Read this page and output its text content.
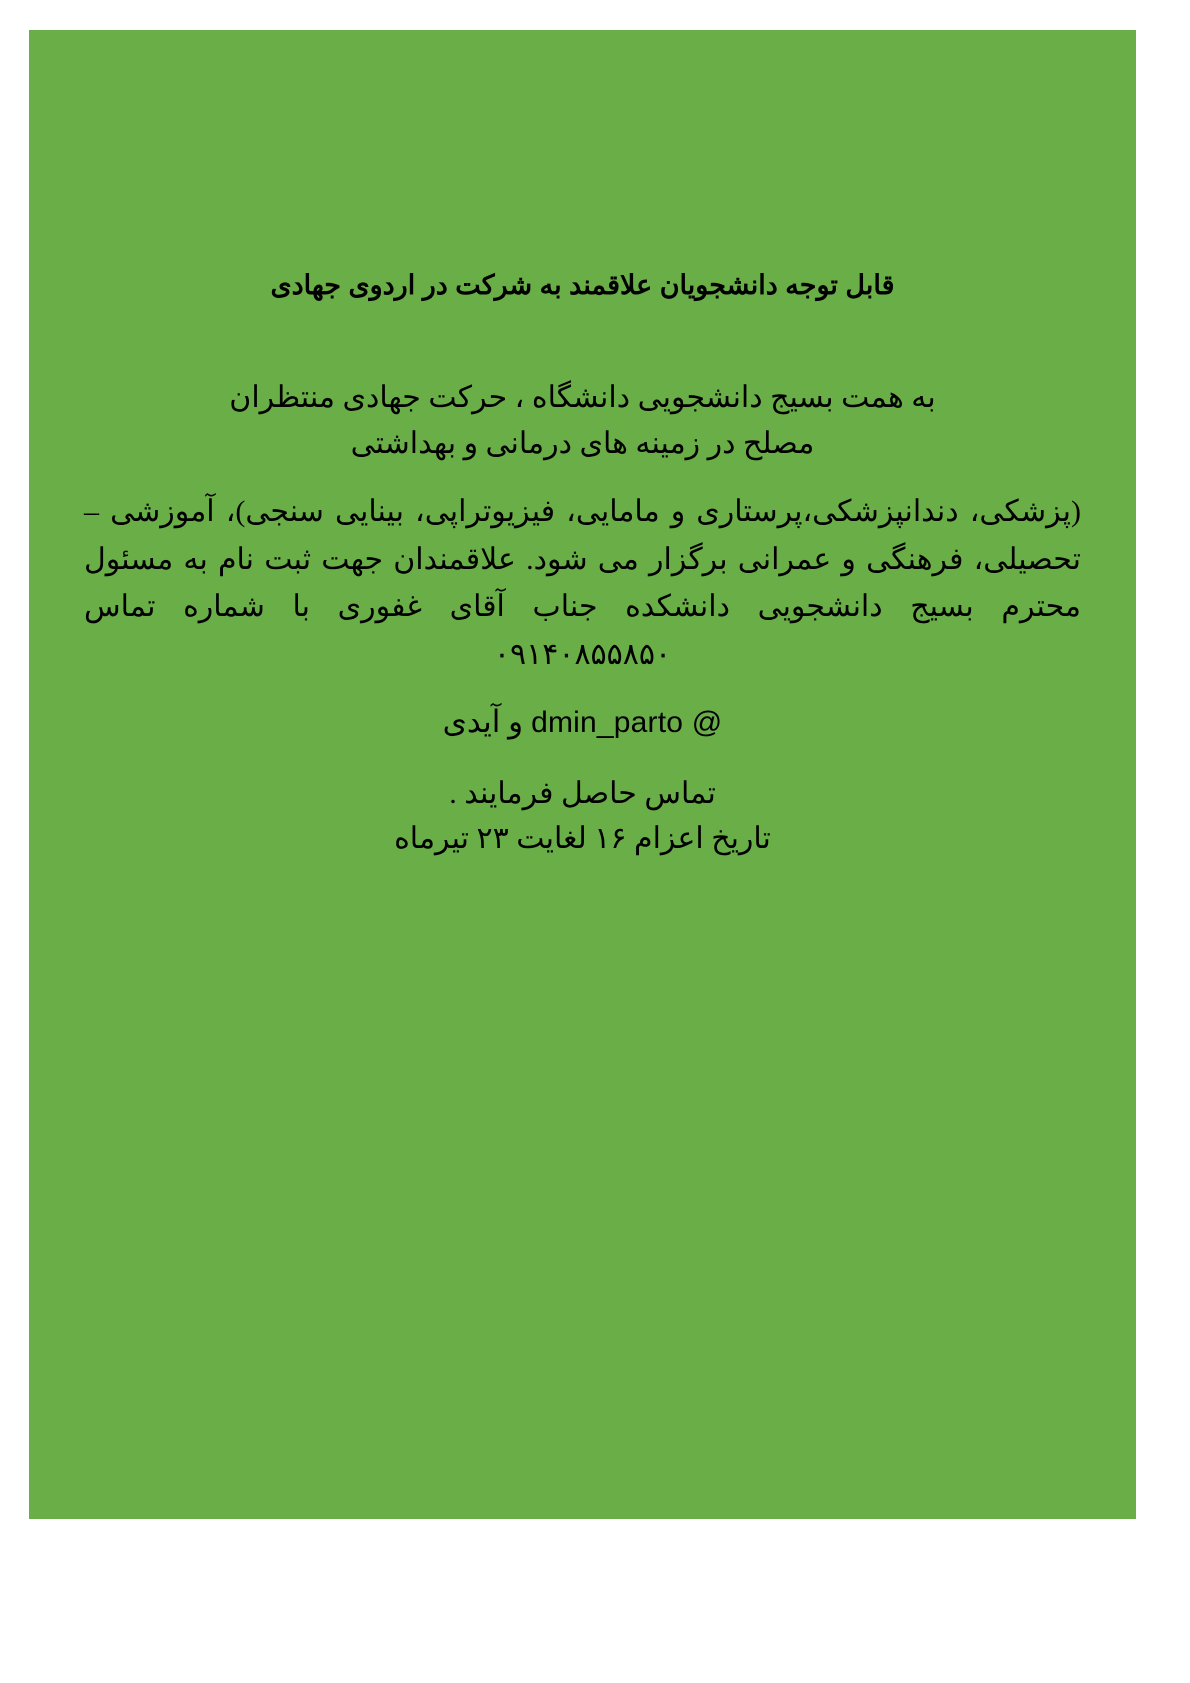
قابل توجه دانشجویان علاقمند به شرکت در اردوی جهادی

به همت بسیج دانشجویی دانشگاه ، حرکت جهادی منتظران

مصلح در زمینه های درمانی و بهداشتی

(پزشکی، دندانپزشکی،پرستاری و مامایی، فیزیوتراپی، بینایی سنجی)، آموزشی – تحصیلی، فرهنگی و عمرانی برگزار می شود. علاقمندان جهت ثبت نام به مسئول محترم بسیج دانشجویی دانشکده جناب آقای غفوری با شماره تماس ۰۹۱۴۰۸۵۵۸۵۰

dmin_parto @ و آیدی

تماس حاصل فرمایند .

تاریخ اعزام ۱۶ لغایت ۲۳ تیرماه
